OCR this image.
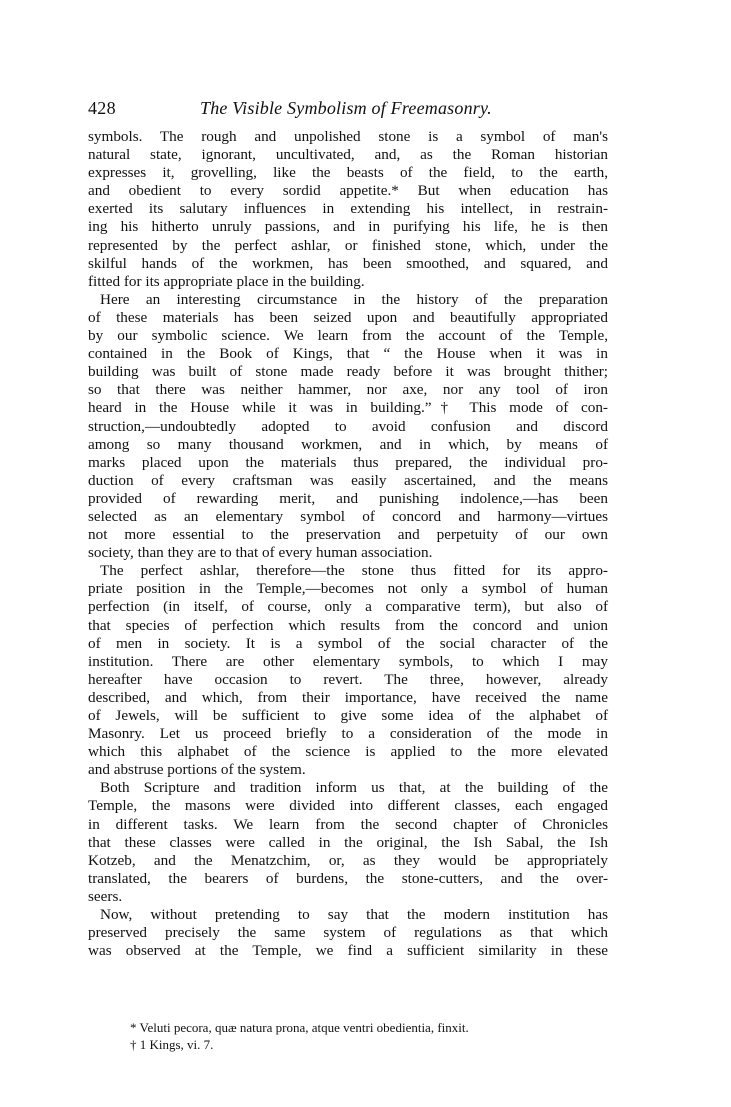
428	The Visible Symbolism of Freemasonry.
symbols. The rough and unpolished stone is a symbol of man's
natural state, ignorant, uncultivated, and, as the Roman historian
expresses it, grovelling, like the beasts of the field, to the earth,
and obedient to every sordid appetite.* But when education has
exerted its salutary influences in extending his intellect, in restrain-
ing his hitherto unruly passions, and in purifying his life, he is then
represented by the perfect ashlar, or finished stone, which, under the
skilful hands of the workmen, has been smoothed, and squared, and
fitted for its appropriate place in the building.
Here an interesting circumstance in the history of the preparation
of these materials has been seized upon and beautifully appropriated
by our symbolic science. We learn from the account of the Temple,
contained in the Book of Kings, that “ the House when it was in
building was built of stone made ready before it was brought thither;
so that there was neither hammer, nor axe, nor any tool of iron
heard in the House while it was in building.”† This mode of con-
struction,—undoubtedly adopted to avoid confusion and discord
among so many thousand workmen, and in which, by means of
marks placed upon the materials thus prepared, the individual pro-
duction of every craftsman was easily ascertained, and the means
provided of rewarding merit, and punishing indolence,—has been
selected as an elementary symbol of concord and harmony—virtues
not more essential to the preservation and perpetuity of our own
society, than they are to that of every human association.
The perfect ashlar, therefore—the stone thus fitted for its appro-
priate position in the Temple,—becomes not only a symbol of human
perfection (in itself, of course, only a comparative term), but also of
that species of perfection which results from the concord and union
of men in society. It is a symbol of the social character of the
institution. There are other elementary symbols, to which I may
hereafter have occasion to revert. The three, however, already
described, and which, from their importance, have received the name
of Jewels, will be sufficient to give some idea of the alphabet of
Masonry. Let us proceed briefly to a consideration of the mode in
which this alphabet of the science is applied to the more elevated
and abstruse portions of the system.
Both Scripture and tradition inform us that, at the building of the
Temple, the masons were divided into different classes, each engaged
in different tasks. We learn from the second chapter of Chronicles
that these classes were called in the original, the Ish Sabal, the Ish
Kotzeb, and the Menatzchim, or, as they would be appropriately
translated, the bearers of burdens, the stone-cutters, and the over-
seers.
Now, without pretending to say that the modern institution has
preserved precisely the same system of regulations as that which
was observed at the Temple, we find a sufficient similarity in these
* Veluti pecora, quæ natura prona, atque ventri obedientia, finxit.
† 1 Kings, vi. 7.
